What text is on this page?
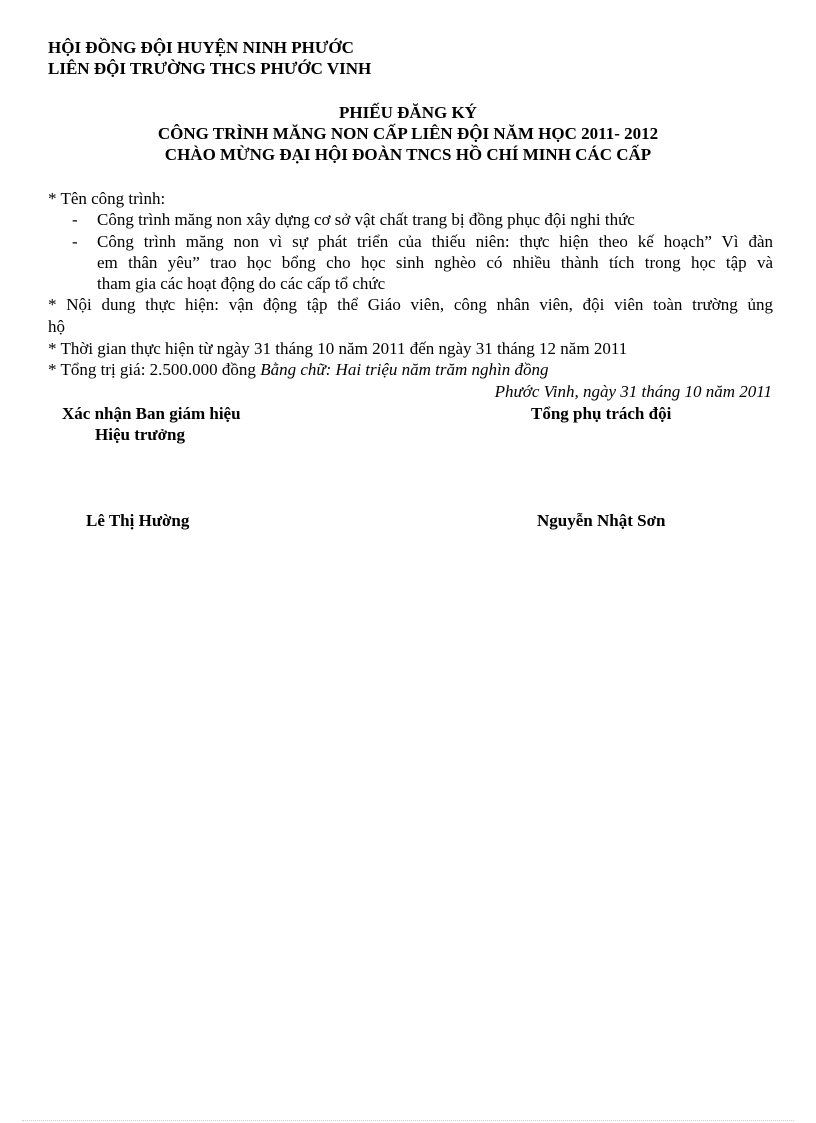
HỘI ĐỒNG ĐỘI HUYỆN NINH PHƯỚC
LIÊN ĐỘI TRƯỜNG THCS PHƯỚC VINH
PHIẾU ĐĂNG KÝ
CÔNG TRÌNH MĂNG NON CẤP LIÊN ĐỘI NĂM HỌC 2011- 2012
CHÀO MỪNG ĐẠI HỘI ĐOÀN TNCS HỒ CHÍ MINH CÁC CẤP
* Tên công trình:
- Công trình măng non xây dựng cơ sở vật chất trang bị đồng phục đội nghi thức
- Công trình măng non vì sự phát triển của thiếu niên: thực hiện theo kế hoạch” Vì đàn
em thân yêu” trao học bổng cho học sinh nghèo có nhiều thành tích trong học tập và
tham gia các hoạt động do các cấp tổ chức
* Nội dung thực hiện: vận động tập thể Giáo viên, công nhân viên, đội viên toàn trường ủng
hộ
* Thời gian thực hiện từ ngày 31 tháng 10 năm 2011 đến ngày 31 tháng 12 năm 2011
* Tổng trị giá: 2.500.000 đồng Bằng chữ: Hai triệu năm trăm nghìn đồng
Phước Vinh, ngày 31 tháng 10 năm 2011
Xác nhận Ban giám hiệu
Hiệu trưởng
Tổng phụ trách đội
Lê Thị Hường	Nguyễn Nhật Sơn
